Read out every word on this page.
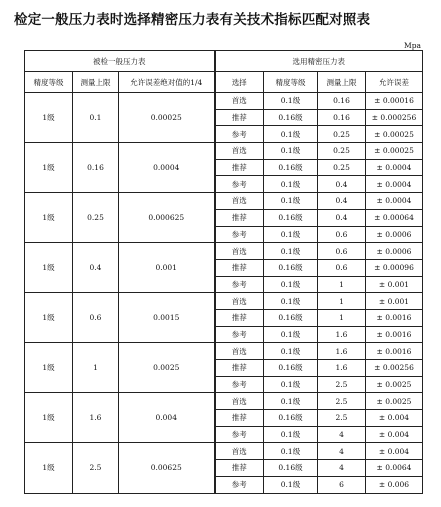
检定一般压力表时选择精密压力表有关技术指标匹配对照表
Mpa
被检一般压力表			选用精密压力表			
精度等级	测量上限	允许误差绝对值的1/4	选择	精度等级	测量上限	允许误差
1级	0.1	0.00025	首选	0.1级	0.16	± 0.00016
			推荐	0.16级	0.16	± 0.000256
			参考	0.1级	0.25	± 0.00025
1级	0.16	0.0004	首选	0.1级	0.25	± 0.00025
			推荐	0.16级	0.25	± 0.0004
			参考	0.1级	0.4	± 0.0004
1级	0.25	0.000625	首选	0.1级	0.4	± 0.0004
			推荐	0.16级	0.4	± 0.00064
			参考	0.1级	0.6	± 0.0006
1级	0.4	0.001	首选	0.1级	0.6	± 0.0006
			推荐	0.16级	0.6	± 0.00096
			参考	0.1级	1	± 0.001
1级	0.6	0.0015	首选	0.1级	1	± 0.001
			推荐	0.16级	1	± 0.0016
			参考	0.1级	1.6	± 0.0016
1级	1	0.0025	首选	0.1级	1.6	± 0.0016
			推荐	0.16级	1.6	± 0.00256
			参考	0.1级	2.5	± 0.0025
1级	1.6	0.004	首选	0.1级	2.5	± 0.0025
			推荐	0.16级	2.5	± 0.004
			参考	0.1级	4	± 0.004
1级	2.5	0.00625	首选	0.1级	4	± 0.004
			推荐	0.16级	4	± 0.0064
			参考	0.1级	6	± 0.006
